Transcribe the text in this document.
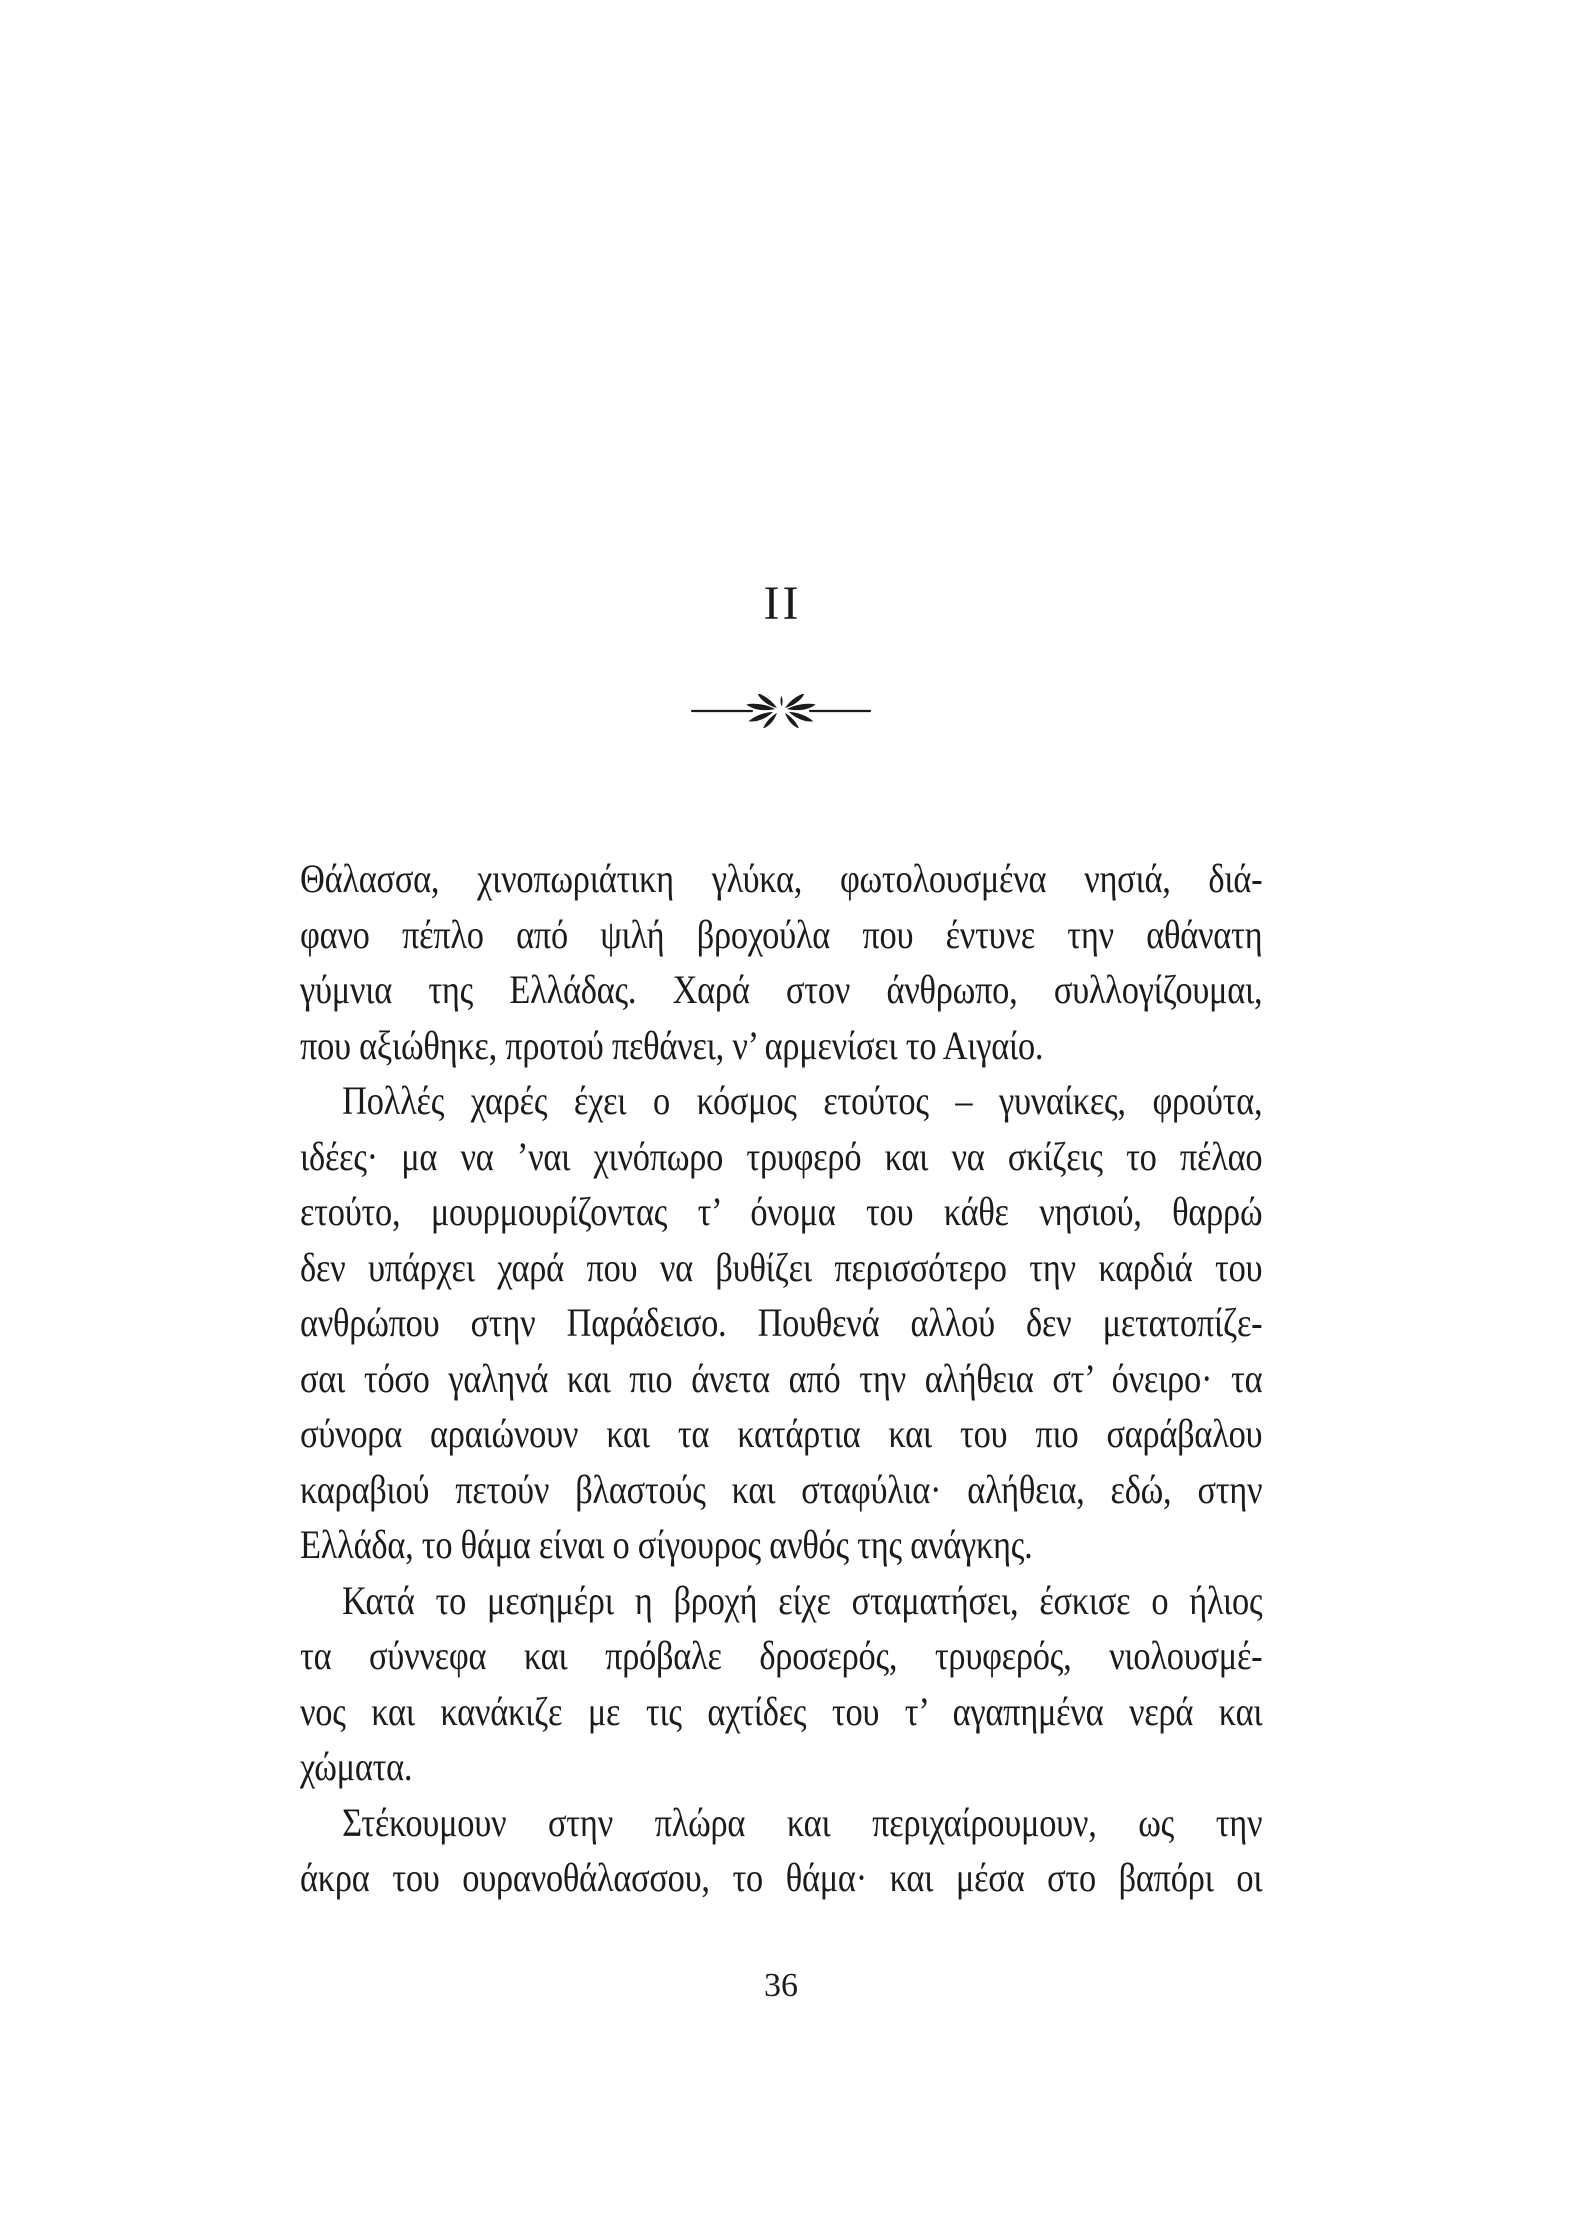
II
Θάλασσα, χινοπωριάτικη γλύκα, φωτολουσμένα νησιά, διά-
φανο πέπλο από ψιλή βροχούλα που έντυνε την αθάνατη
γύμνια της Ελλάδας. Χαρά στον άνθρωπο, συλλογίζουμαι,
που αξιώθηκε, προτού πεθάνει, ν’ αρμενίσει το Αιγαίο.
Πολλές χαρές έχει ο κόσμος ετούτος – γυναίκες, φρούτα,
ιδέες· μα να ’ναι χινόπωρο τρυφερό και να σκίζεις το πέλαο
ετούτο, μουρμουρίζοντας τ’ όνομα του κάθε νησιού, θαρρώ
δεν υπάρχει χαρά που να βυθίζει περισσότερο την καρδιά του
ανθρώπου στην Παράδεισο. Πουθενά αλλού δεν μετατοπίζε-
σαι τόσο γαληνά και πιο άνετα από την αλήθεια στ’ όνειρο· τα
σύνορα αραιώνουν και τα κατάρτια και του πιο σαράβαλου
καραβιού πετούν βλαστούς και σταφύλια· αλήθεια, εδώ, στην
Ελλάδα, το θάμα είναι ο σίγουρος ανθός της ανάγκης.
Κατά το μεσημέρι η βροχή είχε σταματήσει, έσκισε ο ήλιος
τα σύννεφα και πρόβαλε δροσερός, τρυφερός, νιολουσμέ-
νος και κανάκιζε με τις αχτίδες του τ’ αγαπημένα νερά και
χώματα.
Στέκουμουν στην πλώρα και περιχαίρουμουν, ως την
άκρα του ουρανοθάλασσου, το θάμα· και μέσα στο βαπόρι οι
36
